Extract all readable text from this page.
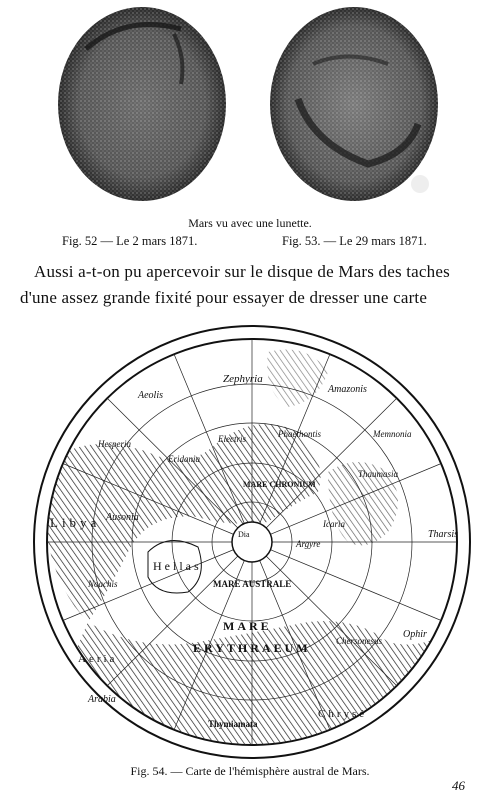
Mars vu avec une lunette.
Fig. 52 — Le 2 mars 1871.	Fig. 53. — Le 29 mars 1871.
Aussi a-t-on pu apercevoir sur le disque de Mars des taches
d'une assez grande fixité pour essayer de dresser une carte
Zephyria
Aeolis
Amazonis
Memnonia
Electris
Eridania
Hesperia
Libya Ausonia
Hellas
MARE AUSTRALE
MARE CHRONIUM
Thaumasia
Tharsis
Ophir
Argyre
MARE
ERYTHRAEUM	Chersonesus
Arabia
Aeria
Thymiamata
Chrysé
Dia
Noachis
Phaethontis
Icaria
Fig. 54. — Carte de l'hémisphère austral de Mars.
46
